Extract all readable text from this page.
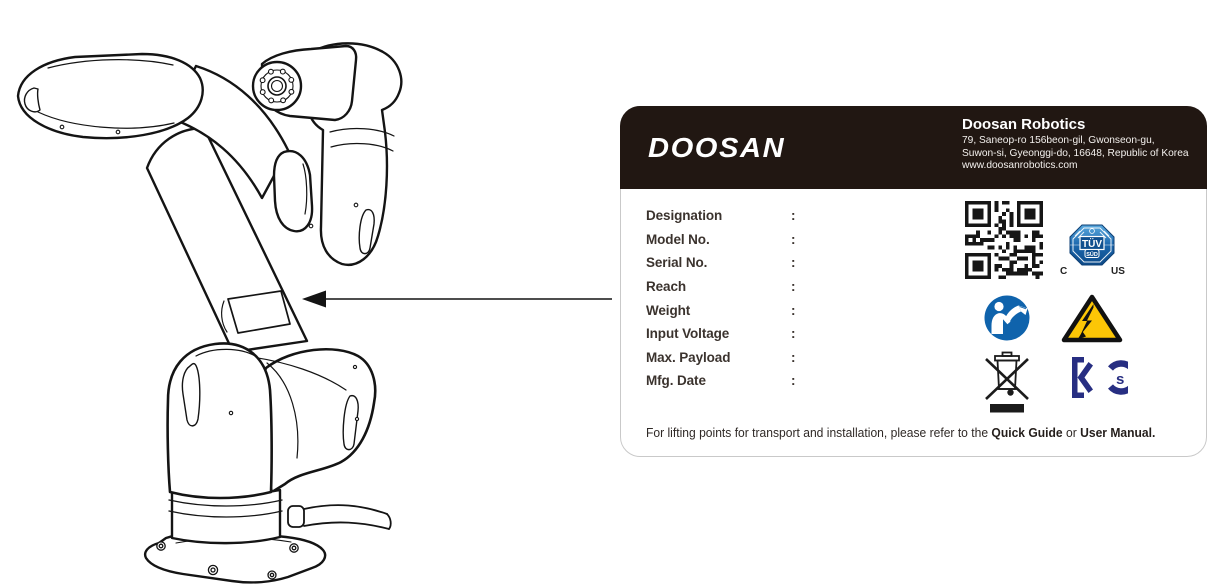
DOOSAN
Doosan Robotics
79, Saneop-ro 156beon-gil, Gwonseon-gu,
Suwon-si, Gyeonggi-do, 16648, Republic of Korea
www.doosanrobotics.com
Designation	:
Model No.	:
Serial No.	:
Reach	:
Weight	:
Input Voltage	:
Max. Payload	:
Mfg. Date	:
TÜV
SÜD
C	US
s
For lifting points for transport and installation, please refer to the Quick Guide or User Manual.
